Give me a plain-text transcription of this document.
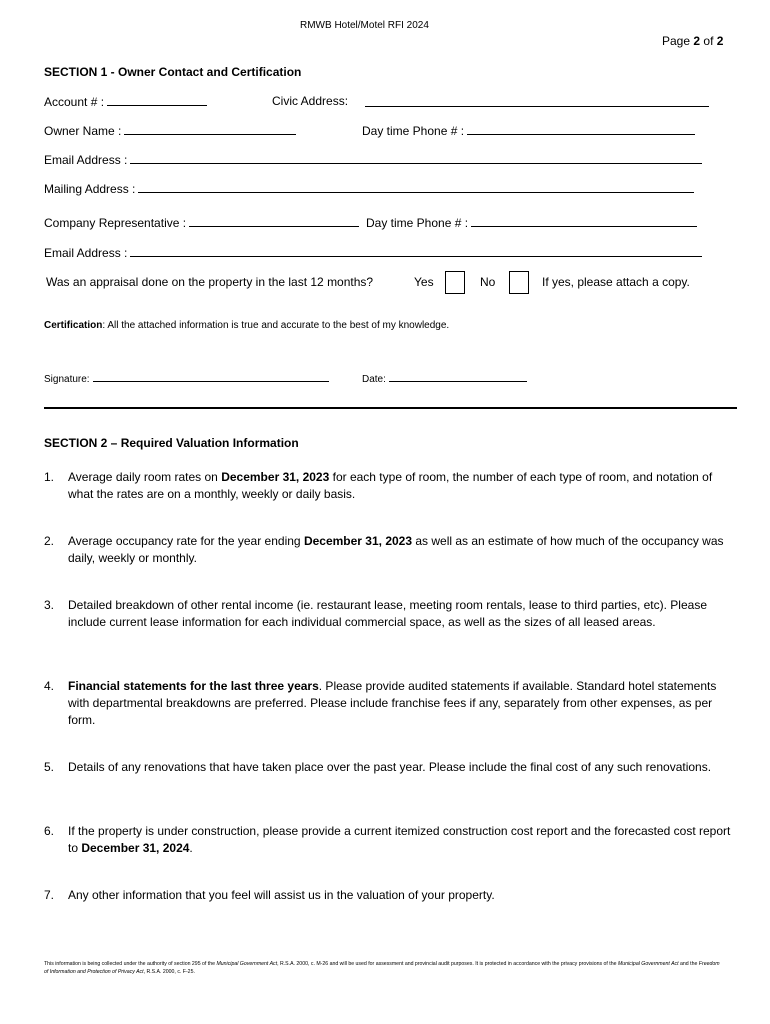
RMWB Hotel/Motel RFI 2024
Page 2 of 2
SECTION 1 - Owner Contact and Certification
Account # :	Civic Address:
Owner Name :	Day time Phone # :
Email Address :
Mailing Address :
Company Representative :	Day time Phone # :
Email Address :
Was an appraisal done on the property in the last 12 months?	Yes	No	If yes, please attach a copy.
Certification: All the attached information is true and accurate to the best of my knowledge.
Signature:	Date:
SECTION 2 – Required Valuation Information
1.	Average daily room rates on December 31, 2023 for each type of room, the number of each type of room, and notation of what the rates are on a monthly, weekly or daily basis.
2.	Average occupancy rate for the year ending December 31, 2023 as well as an estimate of how much of the occupancy was daily, weekly or monthly.
3.	Detailed breakdown of other rental income (ie. restaurant lease, meeting room rentals, lease to third parties, etc). Please include current lease information for each individual commercial space, as well as the sizes of all leased areas.
4.	Financial statements for the last three years. Please provide audited statements if available. Standard hotel statements with departmental breakdowns are preferred. Please include franchise fees if any, separately from other expenses, as per form.
5.	Details of any renovations that have taken place over the past year. Please include the final cost of any such renovations.
6.	If the property is under construction, please provide a current itemized construction cost report and the forecasted cost report to December 31, 2024.
7.	Any other information that you feel will assist us in the valuation of your property.
This information is being collected under the authority of section 295 of the Municipal Government Act, R.S.A. 2000, c. M-26 and will be used for assessment and provincial audit purposes. It is protected in accordance with the privacy provisions of the Municipal Government Act and the Freedom of Information and Protection of Privacy Act, R.S.A. 2000, c. F-25.
